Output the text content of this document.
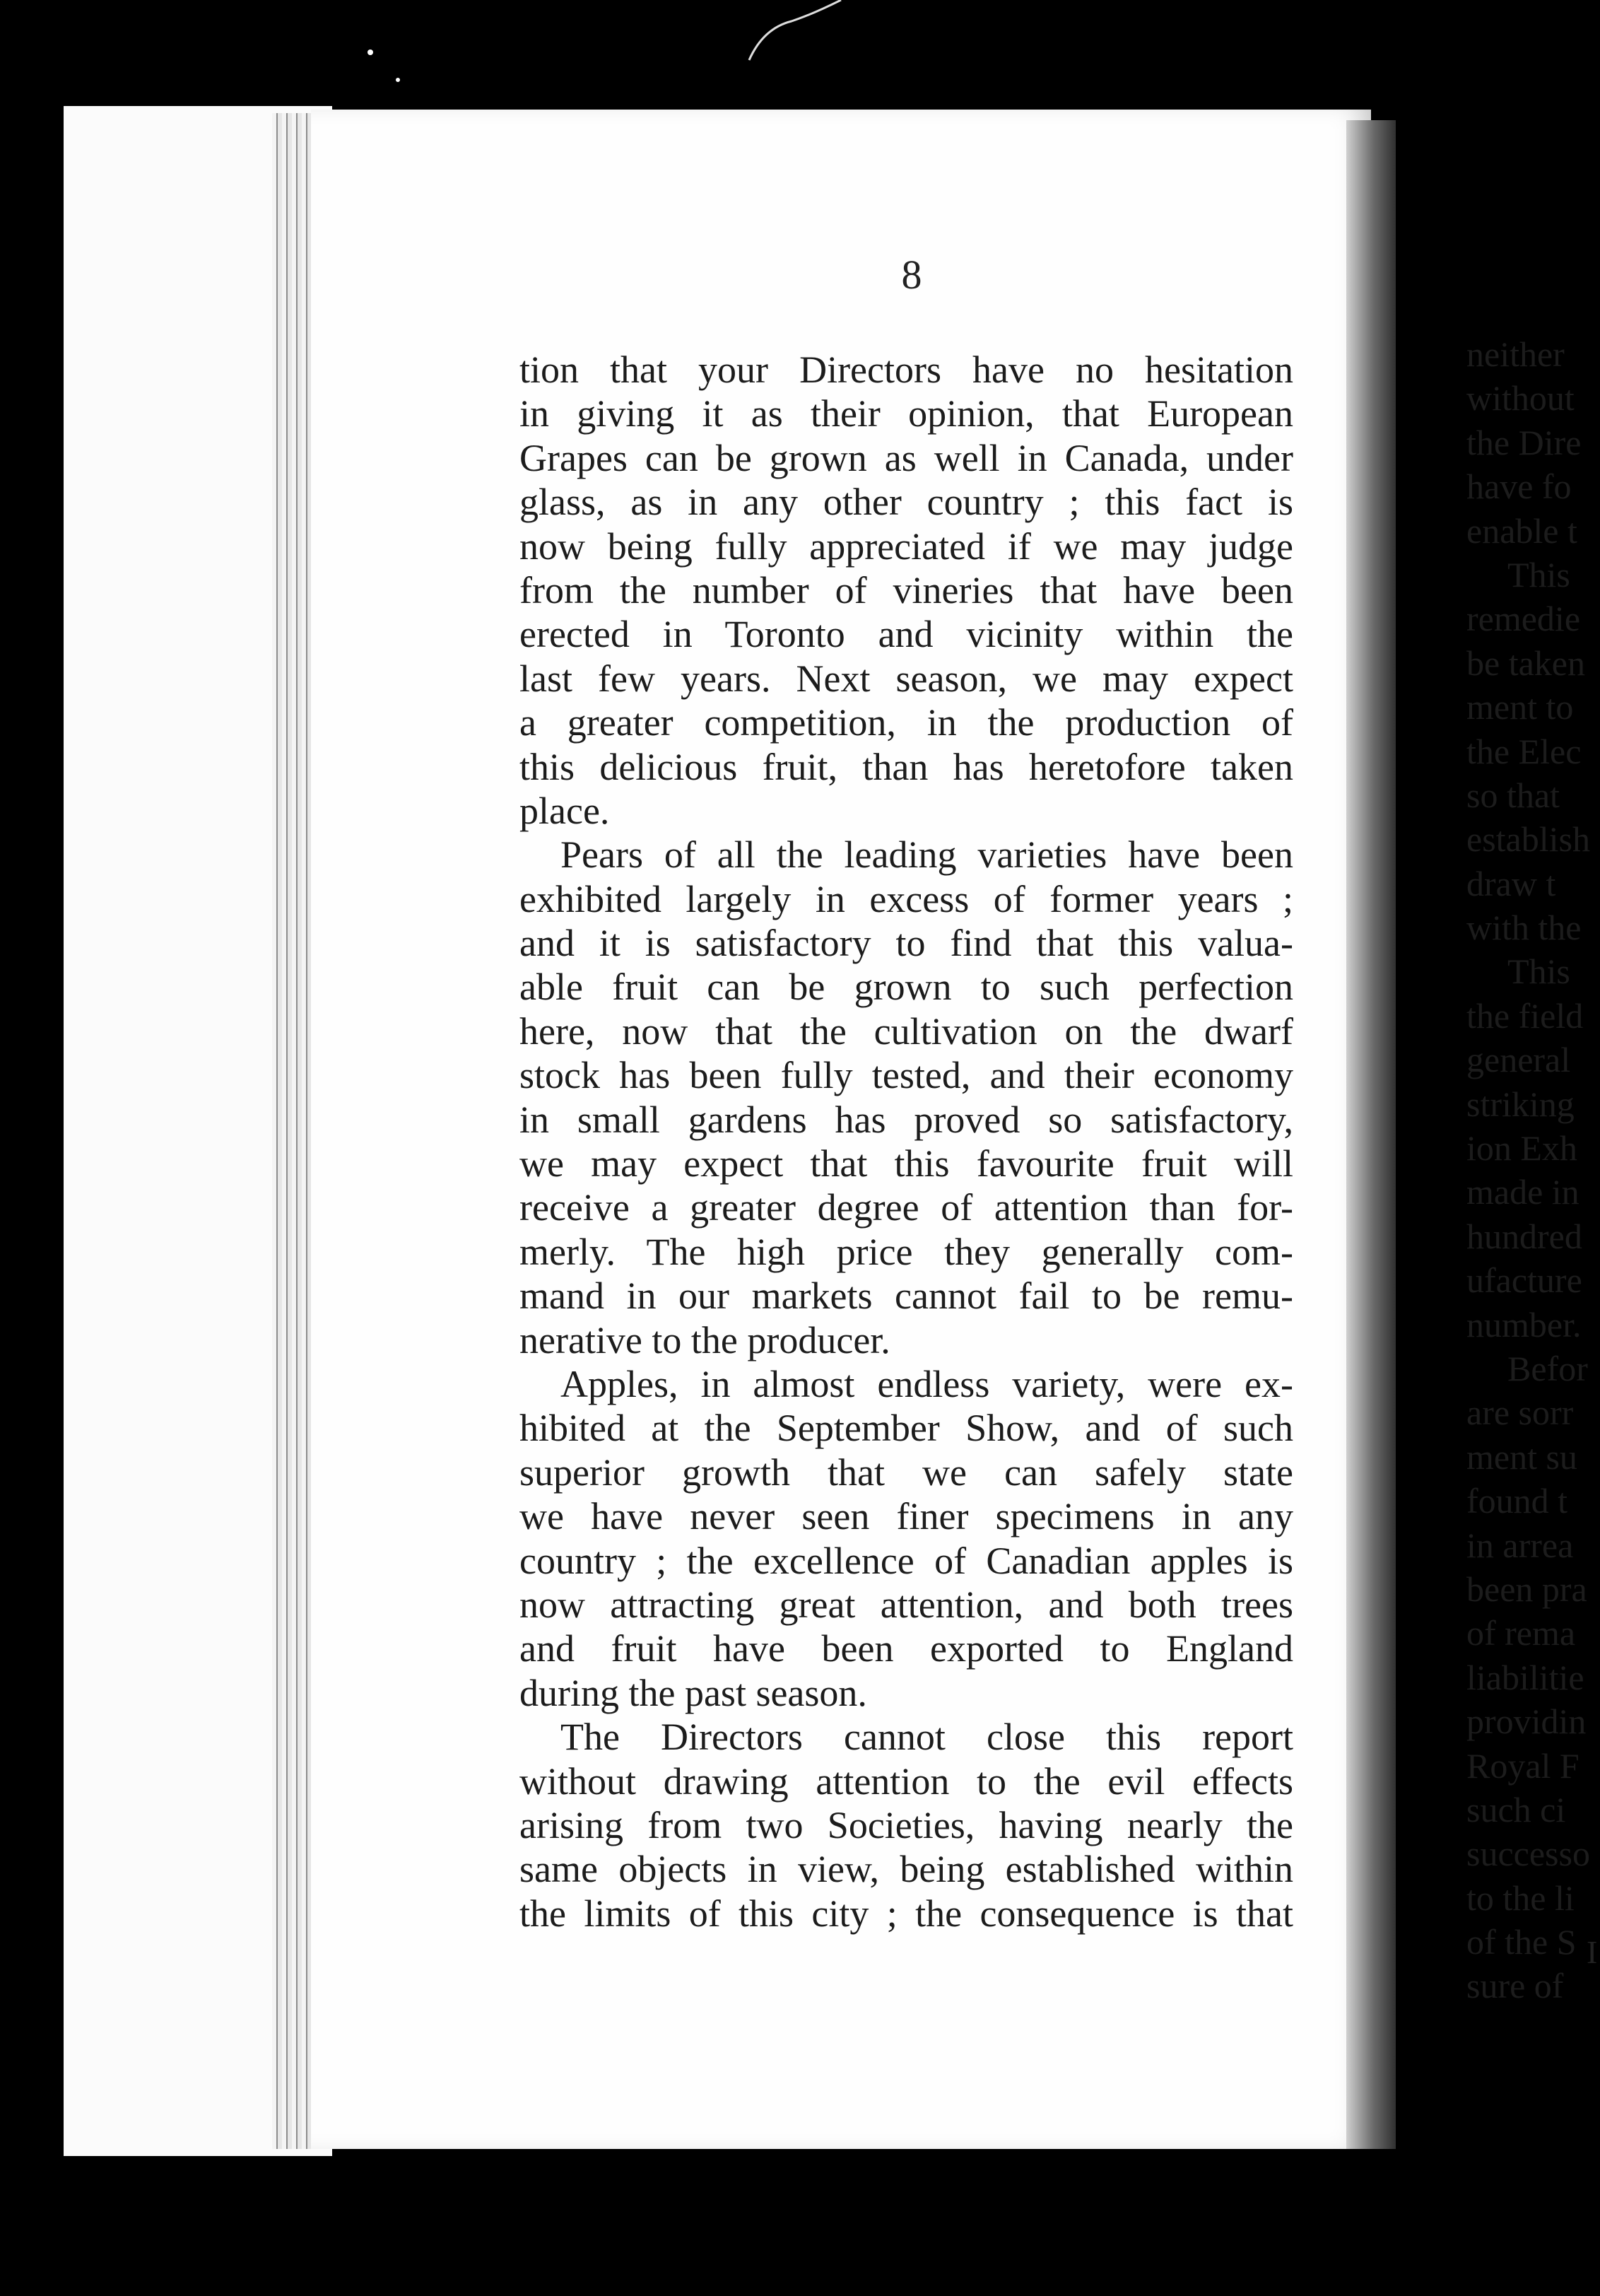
8
tion that your Directors have no hesitation
in giving it as their opinion, that European
Grapes can be grown as well in Canada, under
glass, as in any other country ; this fact is
now being fully appreciated if we may judge
from the number of vineries that have been
erected in Toronto and vicinity within the
last few years. Next season, we may expect
a greater competition, in the production of
this delicious fruit, than has heretofore taken
place.
Pears of all the leading varieties have been
exhibited largely in excess of former years ;
and it is satisfactory to find that this valua-
able fruit can be grown to such perfection
here, now that the cultivation on the dwarf
stock has been fully tested, and their economy
in small gardens has proved so satisfactory,
we may expect that this favourite fruit will
receive a greater degree of attention than for-
merly. The high price they generally com-
mand in our markets cannot fail to be remu-
nerative to the producer.
Apples, in almost endless variety, were ex-
hibited at the September Show, and of such
superior growth that we can safely state
we have never seen finer specimens in any
country ; the excellence of Canadian apples is
now attracting great attention, and both trees
and fruit have been exported to England
during the past season.
The Directors cannot close this report
without drawing attention to the evil effects
arising from two Societies, having nearly the
same objects in view, being established within
the limits of this city ; the consequence is that
neither
without
the Dire
have fo
enable t
This
remedie
be taken
ment to
the Elec
so that
establish
draw t
with the
This
the field
general
striking
ion Exh
made in
hundred
ufacture
number.
Befor
are sorr
ment su
found t
in arrea
been pra
of rema
liabilitie
providin
Royal F
such ci
successo
to the li
of the S
sure of
I
